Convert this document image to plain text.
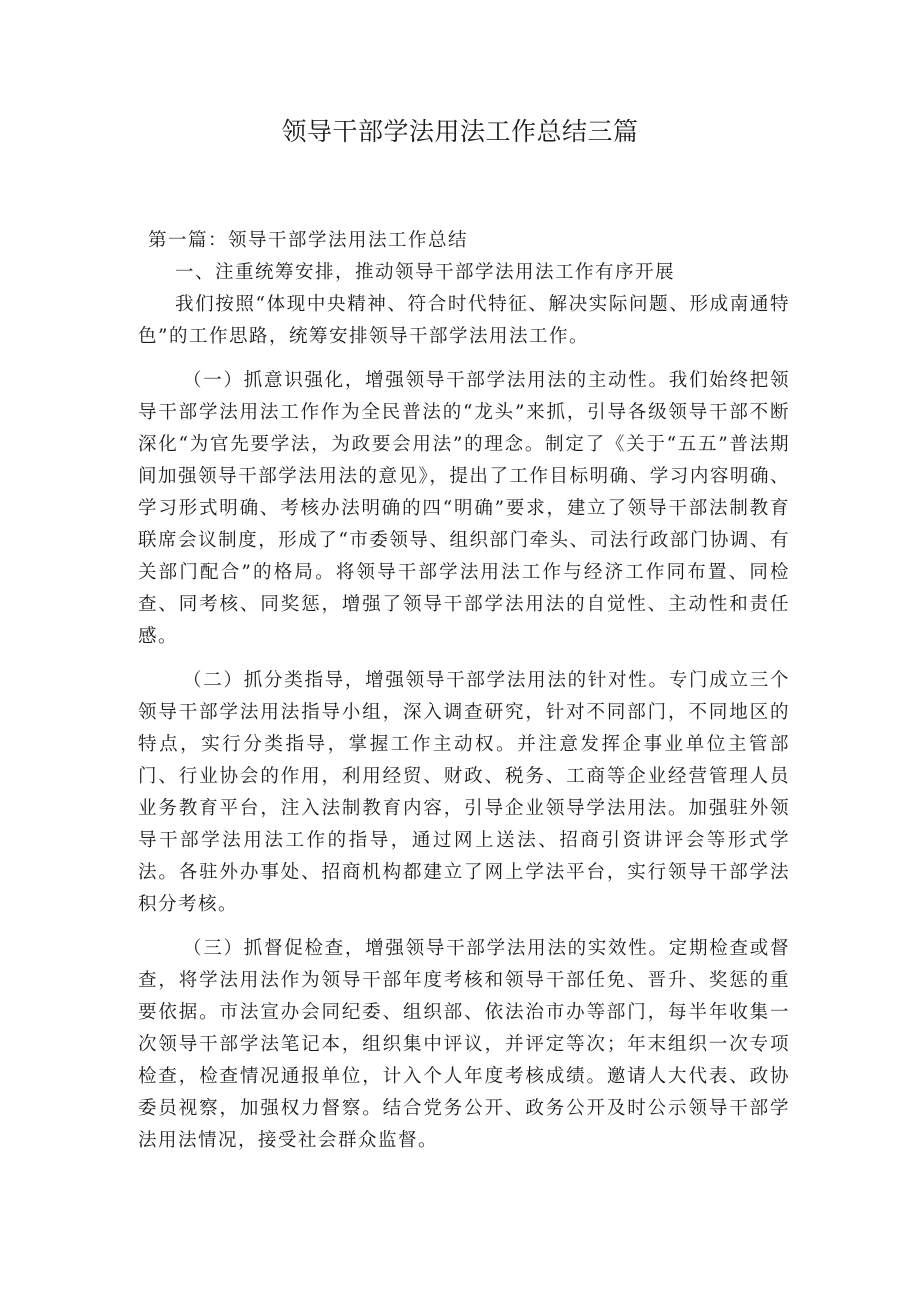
领导干部学法用法工作总结三篇

第一篇：领导干部学法用法工作总结

一、注重统筹安排，推动领导干部学法用法工作有序开展

我们按照“体现中央精神、符合时代特征、解决实际问题、形成南通特色”的工作思路，统筹安排领导干部学法用法工作。

（一）抓意识强化，增强领导干部学法用法的主动性。我们始终把领导干部学法用法工作作为全民普法的“龙头”来抓，引导各级领导干部不断深化“为官先要学法，为政要会用法”的理念。制定了《关于“五五”普法期间加强领导干部学法用法的意见》，提出了工作目标明确、学习内容明确、学习形式明确、考核办法明确的四“明确”要求，建立了领导干部法制教育联席会议制度，形成了“市委领导、组织部门牵头、司法行政部门协调、有关部门配合”的格局。将领导干部学法用法工作与经济工作同布置、同检查、同考核、同奖惩，增强了领导干部学法用法的自觉性、主动性和责任感。

（二）抓分类指导，增强领导干部学法用法的针对性。专门成立三个领导干部学法用法指导小组，深入调查研究，针对不同部门，不同地区的特点，实行分类指导，掌握工作主动权。并注意发挥企事业单位主管部门、行业协会的作用，利用经贸、财政、税务、工商等企业经营管理人员业务教育平台，注入法制教育内容，引导企业领导学法用法。加强驻外领导干部学法用法工作的指导，通过网上送法、招商引资讲评会等形式学法。各驻外办事处、招商机构都建立了网上学法平台，实行领导干部学法积分考核。

（三）抓督促检查，增强领导干部学法用法的实效性。定期检查或督查，将学法用法作为领导干部年度考核和领导干部任免、晋升、奖惩的重要依据。市法宣办会同纪委、组织部、依法治市办等部门，每半年收集一次领导干部学法笔记本，组织集中评议，并评定等次；年末组织一次专项检查，检查情况通报单位，计入个人年度考核成绩。邀请人大代表、政协委员视察，加强权力督察。结合党务公开、政务公开及时公示领导干部学法用法情况，接受社会群众监督。
